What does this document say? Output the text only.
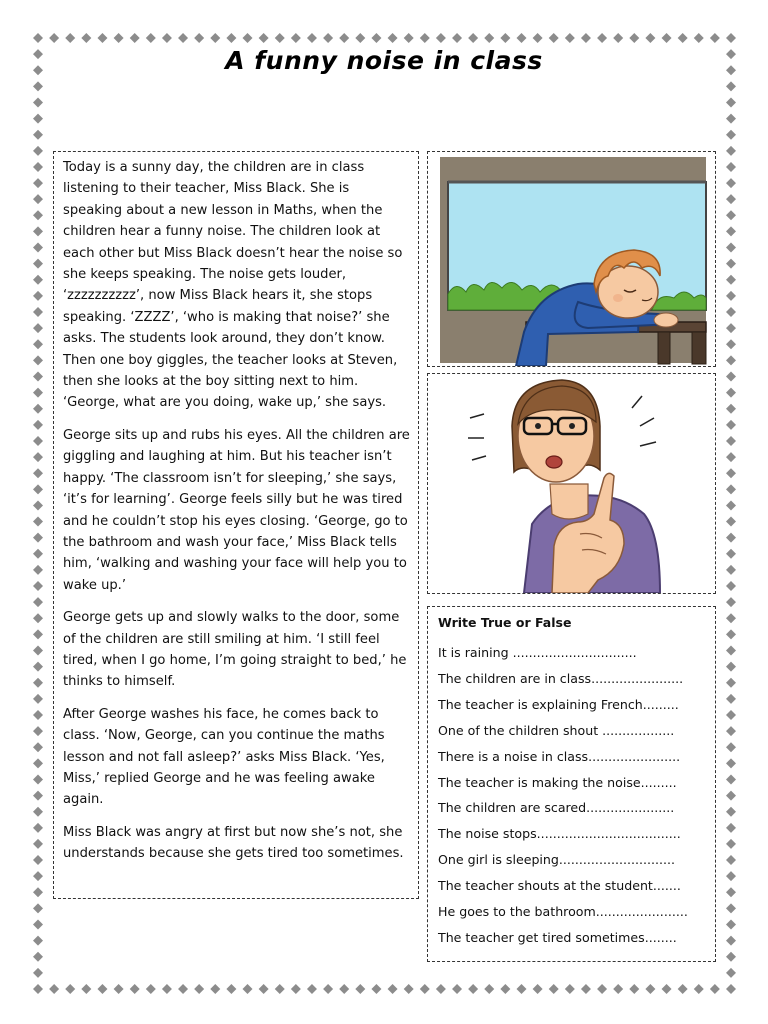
A funny noise in class

Today is a sunny day, the children are in class listening to their teacher, Miss Black. She is speaking about a new lesson in Maths, when the children hear a funny noise. The children look at each other but Miss Black doesn’t hear the noise so she keeps speaking. The noise gets louder, ‘zzzzzzzzzz’, now Miss Black hears it, she stops speaking. ‘ZZZZ’, ‘who is making that noise?’ she asks. The students look around, they don’t know. Then one boy giggles, the teacher looks at Steven, then she looks at the boy sitting next to him. ‘George, what are you doing, wake up,’ she says.

George sits up and rubs his eyes. All the children are giggling and laughing at him. But his teacher isn’t happy. ‘The classroom isn’t for sleeping,’ she says, ‘it’s for learning’. George feels silly but he was tired and he couldn’t stop his eyes closing. ‘George, go to the bathroom and wash your face,’ Miss Black tells him, ‘walking and washing your face will help you to wake up.’

George gets up and slowly walks to the door, some of the children are still smiling at him. ‘I still feel tired, when I go home, I’m going straight to bed,’ he thinks to himself.

After George washes his face, he comes back to class. ‘Now, George, can you continue the maths lesson and not fall asleep?’ asks Miss Black. ‘Yes, Miss,’ replied George and he was feeling awake again.

Miss Black was angry at first but now she’s not, she understands because she gets tired too sometimes.

Write True or False
It is raining ...............................
The children are in class.......................
The teacher is explaining French.........
One of the children shout ..................
There is a noise in class.......................
The teacher is making the noise.........
The children are scared......................
The noise stops....................................
One girl is sleeping.............................
The teacher shouts at the student.......
He goes to the bathroom.......................
The teacher get tired sometimes........
